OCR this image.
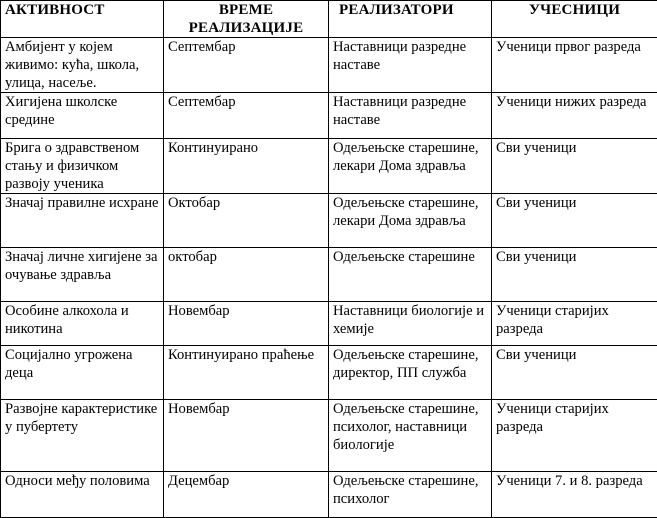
АКТИВНОСТ	ВРЕМЕ РЕАЛИЗАЦИЈЕ	РЕАЛИЗАТОРИ	УЧЕСНИЦИ
Амбијент у којем живимо: кућа, школа, улица, насеље.	Септембар	Наставници разредне наставе	Ученици првог разреда
Хигијена школске средине	Септембар	Наставници разредне наставе	Ученици нижих разреда
Брига о здравственом стању и физичком развоју ученика	Континуирано	Одељењске старешине, лекари Дома здравља	Сви ученици
Значај правилне исхране	Октобар	Одељењске старешине, лекари Дома здравља	Сви ученици
Значај личне хигијене за очување здравља	октобар	Одељењске старешине	Сви ученици
Особине алкохола и никотина	Новембар	Наставници биологије и хемије	Ученици старијих разреда
Социјално угрожена деца	Континуирано праћење	Одељењске старешине, директор, ПП служба	Сви ученици
Развојне карактеристике у пубертету	Новембар	Одељењске старешине, психолог, наставници биологије	Ученици старијих разреда
Односи међу половима	Децембар	Одељењске старешине, психолог	Ученици 7. и 8. разреда
